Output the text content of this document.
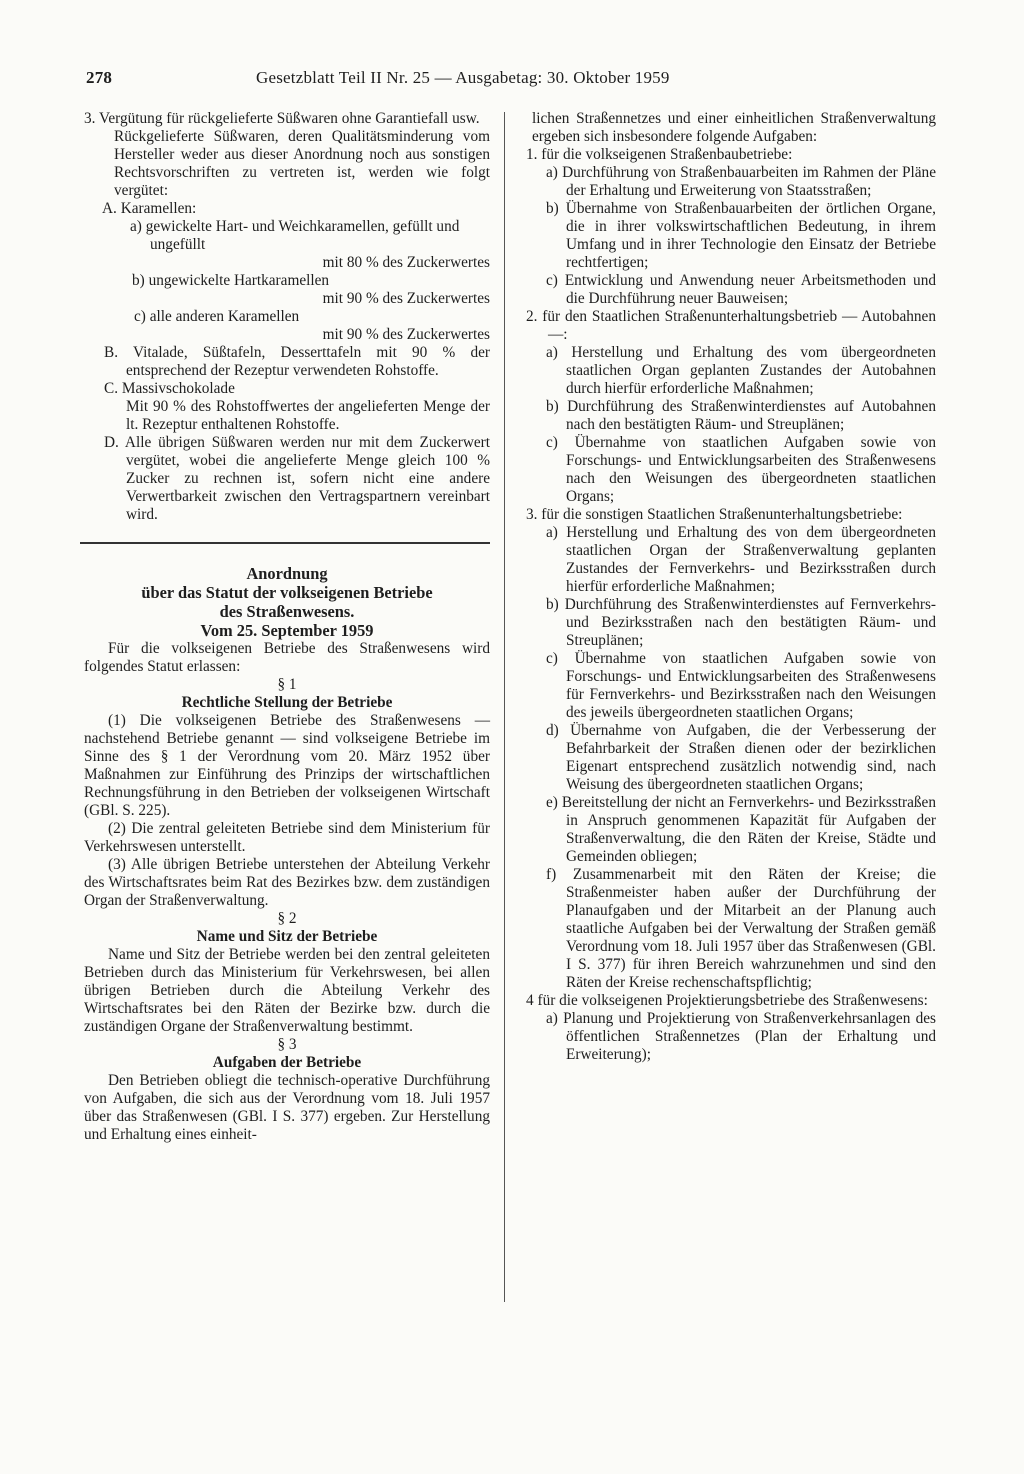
278	Gesetzblatt Teil II Nr. 25 — Ausgabetag: 30. Oktober 1959

3. Vergütung für rückgelieferte Süßwaren ohne Garantiefall usw.

Rückgelieferte Süßwaren, deren Qualitätsminderung vom Hersteller weder aus dieser Anordnung noch aus sonstigen Rechtsvorschriften zu vertreten ist, werden wie folgt vergütet:

A. Karamellen:

a) gewickelte Hart- und Weichkaramellen, gefüllt und ungefüllt

mit 80 % des Zuckerwertes

b) ungewickelte Hartkaramellen

mit 90 % des Zuckerwertes

c) alle anderen Karamellen

mit 90 % des Zuckerwertes

B. Vitalade, Süßtafeln, Desserttafeln mit 90 % der entsprechend der Rezeptur verwendeten Rohstoffe.

C. Massivschokolade

Mit 90 % des Rohstoffwertes der angelieferten Menge der lt. Rezeptur enthaltenen Rohstoffe.

D. Alle übrigen Süßwaren werden nur mit dem Zuckerwert vergütet, wobei die angelieferte Menge gleich 100 % Zucker zu rechnen ist, sofern nicht eine andere Verwertbarkeit zwischen den Vertragspartnern vereinbart wird.

Anordnung

über das Statut der volkseigenen Betriebe

des Straßenwesens.

Vom 25. September 1959

Für die volkseigenen Betriebe des Straßenwesens wird folgendes Statut erlassen:

§ 1

Rechtliche Stellung der Betriebe

(1) Die volkseigenen Betriebe des Straßenwesens — nachstehend Betriebe genannt — sind volkseigene Betriebe im Sinne des § 1 der Verordnung vom 20. März 1952 über Maßnahmen zur Einführung des Prinzips der wirtschaftlichen Rechnungsführung in den Betrieben der volkseigenen Wirtschaft (GBl. S. 225).

(2) Die zentral geleiteten Betriebe sind dem Ministerium für Verkehrswesen unterstellt.

(3) Alle übrigen Betriebe unterstehen der Abteilung Verkehr des Wirtschaftsrates beim Rat des Bezirkes bzw. dem zuständigen Organ der Straßenverwaltung.

§ 2

Name und Sitz der Betriebe

Name und Sitz der Betriebe werden bei den zentral geleiteten Betrieben durch das Ministerium für Verkehrswesen, bei allen übrigen Betrieben durch die Abteilung Verkehr des Wirtschaftsrates bei den Räten der Bezirke bzw. durch die zuständigen Organe der Straßenverwaltung bestimmt.

§ 3

Aufgaben der Betriebe

Den Betrieben obliegt die technisch-operative Durchführung von Aufgaben, die sich aus der Verordnung vom 18. Juli 1957 über das Straßenwesen (GBl. I S. 377) ergeben. Zur Herstellung und Erhaltung eines einheit-

lichen Straßennetzes und einer einheitlichen Straßenverwaltung ergeben sich insbesondere folgende Aufgaben:

1. für die volkseigenen Straßenbaubetriebe:

a) Durchführung von Straßenbauarbeiten im Rahmen der Pläne der Erhaltung und Erweiterung von Staatsstraßen;

b) Übernahme von Straßenbauarbeiten der örtlichen Organe, die in ihrer volkswirtschaftlichen Bedeutung, in ihrem Umfang und in ihrer Technologie den Einsatz der Betriebe rechtfertigen;

c) Entwicklung und Anwendung neuer Arbeitsmethoden und die Durchführung neuer Bauweisen;

2. für den Staatlichen Straßenunterhaltungsbetrieb — Autobahnen —:

a) Herstellung und Erhaltung des vom übergeordneten staatlichen Organ geplanten Zustandes der Autobahnen durch hierfür erforderliche Maßnahmen;

b) Durchführung des Straßenwinterdienstes auf Autobahnen nach den bestätigten Räum- und Streuplänen;

c) Übernahme von staatlichen Aufgaben sowie von Forschungs- und Entwicklungsarbeiten des Straßenwesens nach den Weisungen des übergeordneten staatlichen Organs;

3. für die sonstigen Staatlichen Straßenunterhaltungsbetriebe:

a) Herstellung und Erhaltung des von dem übergeordneten staatlichen Organ der Straßenverwaltung geplanten Zustandes der Fernverkehrs- und Bezirksstraßen durch hierfür erforderliche Maßnahmen;

b) Durchführung des Straßenwinterdienstes auf Fernverkehrs- und Bezirksstraßen nach den bestätigten Räum- und Streuplänen;

c) Übernahme von staatlichen Aufgaben sowie von Forschungs- und Entwicklungsarbeiten des Straßenwesens für Fernverkehrs- und Bezirksstraßen nach den Weisungen des jeweils übergeordneten staatlichen Organs;

d) Übernahme von Aufgaben, die der Verbesserung der Befahrbarkeit der Straßen dienen oder der bezirklichen Eigenart entsprechend zusätzlich notwendig sind, nach Weisung des übergeordneten staatlichen Organs;

e) Bereitstellung der nicht an Fernverkehrs- und Bezirksstraßen in Anspruch genommenen Kapazität für Aufgaben der Straßenverwaltung, die den Räten der Kreise, Städte und Gemeinden obliegen;

f) Zusammenarbeit mit den Räten der Kreise; die Straßenmeister haben außer der Durchführung der Planaufgaben und der Mitarbeit an der Planung auch staatliche Aufgaben bei der Verwaltung der Straßen gemäß Verordnung vom 18. Juli 1957 über das Straßenwesen (GBl. I S. 377) für ihren Bereich wahrzunehmen und sind den Räten der Kreise rechenschaftspflichtig;

4 für die volkseigenen Projektierungsbetriebe des Straßenwesens:

a) Planung und Projektierung von Straßenverkehrsanlagen des öffentlichen Straßennetzes (Plan der Erhaltung und Erweiterung);
